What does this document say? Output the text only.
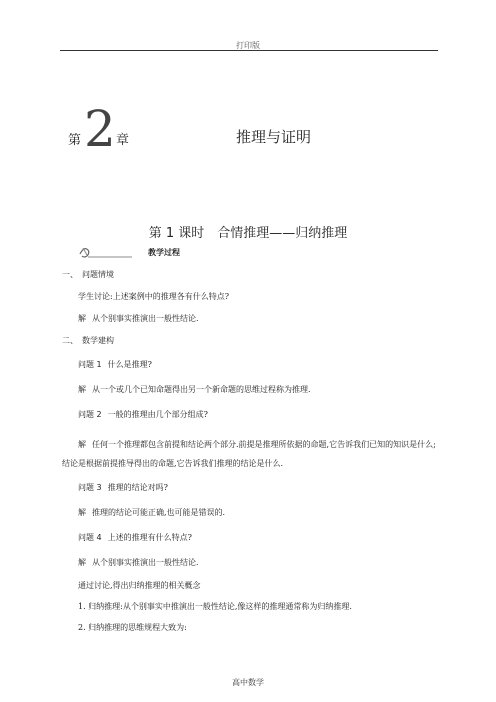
打印版
第 2 章	推理与证明
第 1 课时　合情推理——归纳推理
教学过程
一、　问题情境
学生讨论:上述案例中的推理各有什么特点?
解 从个别事实推演出一般性结论.
二、　数学建构
问题 1 什么是推理?
解 从一个或几个已知命题得出另一个新命题的思维过程称为推理.
问题 2 一般的推理由几个部分组成?
解 任何一个推理都包含前提和结论两个部分.前提是推理所依据的命题,它告诉我们已知的知识是什么;结论是根据前提推导得出的命题,它告诉我们推理的结论是什么.
问题 3 推理的结论对吗?
解 推理的结论可能正确,也可能是错误的.
问题 4 上述的推理有什么特点?
解 从个别事实推演出一般性结论.
通过讨论,得出归纳推理的相关概念
1. 归纳推理:从个别事实中推演出一般性结论,像这样的推理通常称为归纳推理.
2. 归纳推理的思维规程大致为:
高中数学
